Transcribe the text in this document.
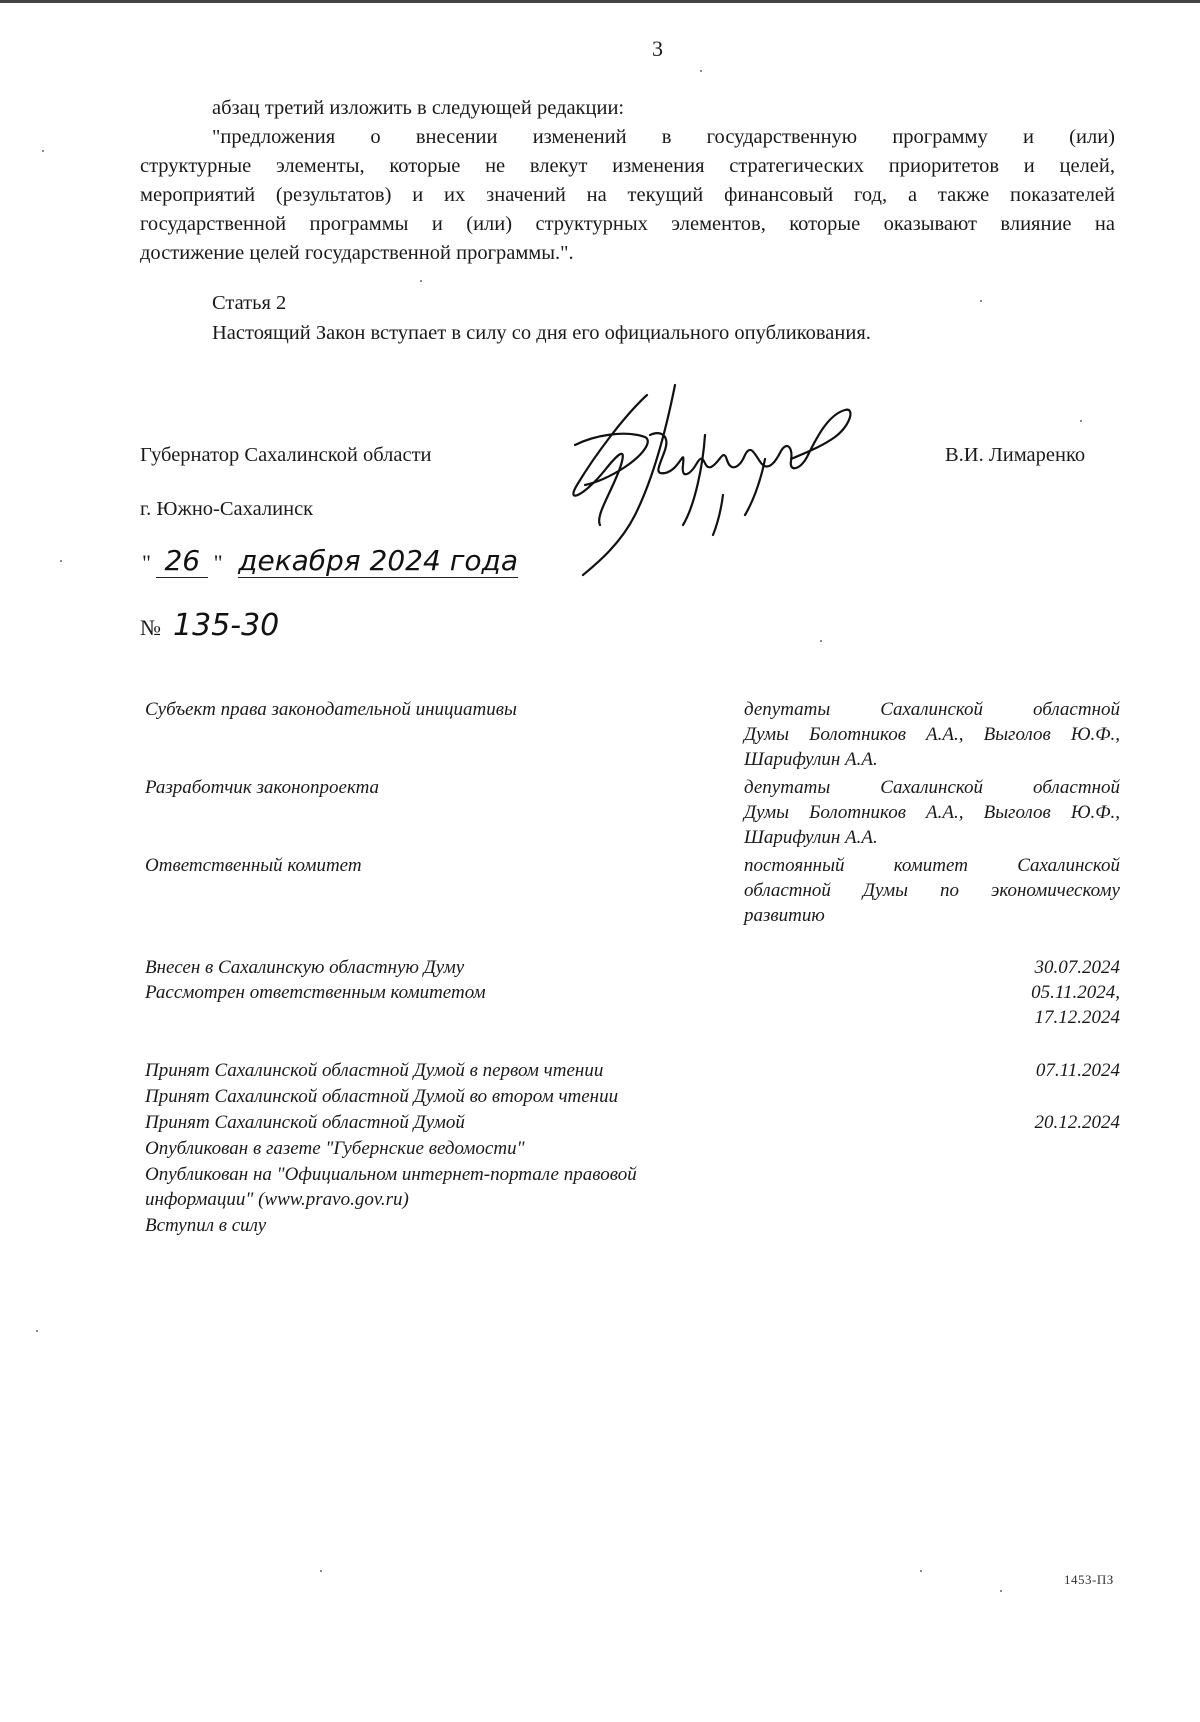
3
абзац третий изложить в следующей редакции:
"предложения о внесении изменений в государственную программу и (или)
структурные элементы, которые не влекут изменения стратегических приоритетов и целей,
мероприятий (результатов) и их значений на текущий финансовый год, а также показателей
государственной программы и (или) структурных элементов, которые оказывают влияние на
достижение целей государственной программы.".
Статья 2
Настоящий Закон вступает в силу со дня его официального опубликования.
Губернатор Сахалинской области	В.И. Лимаренко
г. Южно-Сахалинск
" 26 " декабря 2024 года
№ 135-30
Субъект права законодательной инициативы	депутаты Сахалинской областной
Думы Болотников А.А., Выголов Ю.Ф.,
Шарифулин А.А.
Разработчик законопроекта	депутаты Сахалинской областной
Думы Болотников А.А., Выголов Ю.Ф.,
Шарифулин А.А.
Ответственный комитет	постоянный комитет Сахалинской
областной Думы по экономическому
развитию
Внесен в Сахалинскую областную Думу	30.07.2024
Рассмотрен ответственным комитетом	05.11.2024,
17.12.2024
Принят Сахалинской областной Думой в первом чтении	07.11.2024
Принят Сахалинской областной Думой во втором чтении
Принят Сахалинской областной Думой	20.12.2024
Опубликован в газете "Губернские ведомости"
Опубликован на "Официальном интернет-портале правовой
информации" (www.pravo.gov.ru)
Вступил в силу
1453-ПЗ
